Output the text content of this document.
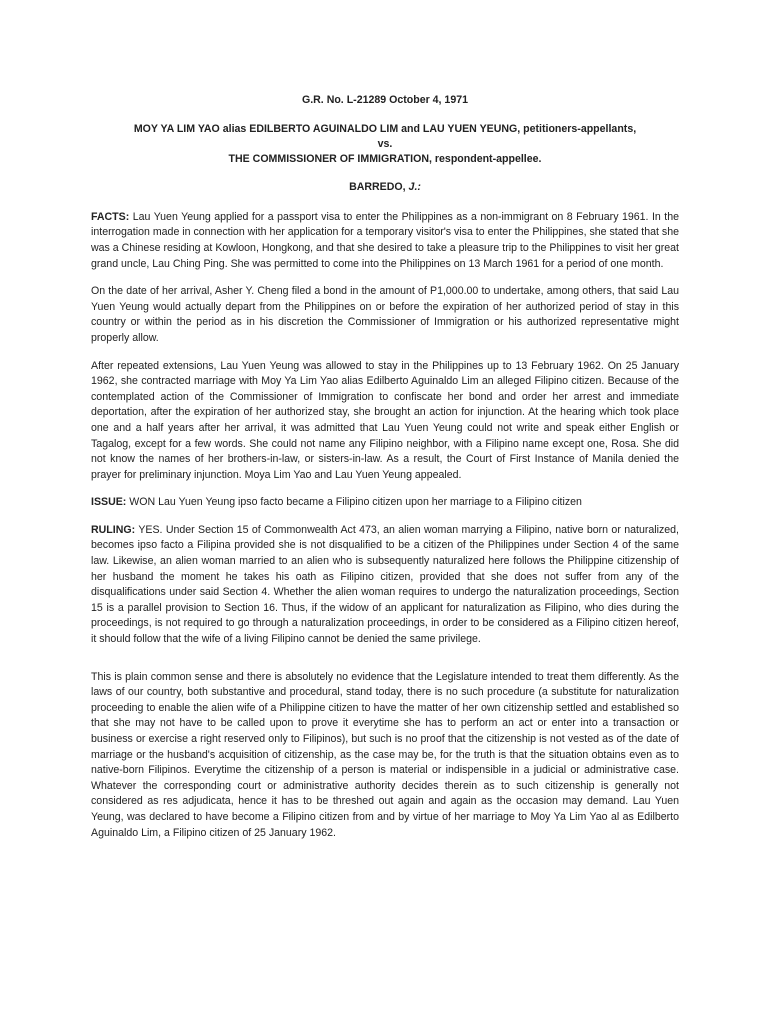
G.R. No. L-21289 October 4, 1971
MOY YA LIM YAO alias EDILBERTO AGUINALDO LIM and LAU YUEN YEUNG, petitioners-appellants,
vs.
THE COMMISSIONER OF IMMIGRATION, respondent-appellee.
BARREDO, J.:

FACTS: Lau Yuen Yeung applied for a passport visa to enter the Philippines as a non-immigrant on 8 February 1961. In the interrogation made in connection with her application for a temporary visitor's visa to enter the Philippines, she stated that she was a Chinese residing at Kowloon, Hongkong, and that she desired to take a pleasure trip to the Philippines to visit her great grand uncle, Lau Ching Ping. She was permitted to come into the Philippines on 13 March 1961 for a period of one month.

On the date of her arrival, Asher Y. Cheng filed a bond in the amount of P1,000.00 to undertake, among others, that said Lau Yuen Yeung would actually depart from the Philippines on or before the expiration of her authorized period of stay in this country or within the period as in his discretion the Commissioner of Immigration or his authorized representative might properly allow.

After repeated extensions, Lau Yuen Yeung was allowed to stay in the Philippines up to 13 February 1962. On 25 January 1962, she contracted marriage with Moy Ya Lim Yao alias Edilberto Aguinaldo Lim an alleged Filipino citizen. Because of the contemplated action of the Commissioner of Immigration to confiscate her bond and order her arrest and immediate deportation, after the expiration of her authorized stay, she brought an action for injunction. At the hearing which took place one and a half years after her arrival, it was admitted that Lau Yuen Yeung could not write and speak either English or Tagalog, except for a few words. She could not name any Filipino neighbor, with a Filipino name except one, Rosa. She did not know the names of her brothers-in-law, or sisters-in-law. As a result, the Court of First Instance of Manila denied the prayer for preliminary injunction. Moya Lim Yao and Lau Yuen Yeung appealed.

ISSUE: WON Lau Yuen Yeung ipso facto became a Filipino citizen upon her marriage to a Filipino citizen

RULING: YES. Under Section 15 of Commonwealth Act 473, an alien woman marrying a Filipino, native born or naturalized, becomes ipso facto a Filipina provided she is not disqualified to be a citizen of the Philippines under Section 4 of the same law. Likewise, an alien woman married to an alien who is subsequently naturalized here follows the Philippine citizenship of her husband the moment he takes his oath as Filipino citizen, provided that she does not suffer from any of the disqualifications under said Section 4. Whether the alien woman requires to undergo the naturalization proceedings, Section 15 is a parallel provision to Section 16. Thus, if the widow of an applicant for naturalization as Filipino, who dies during the proceedings, is not required to go through a naturalization proceedings, in order to be considered as a Filipino citizen hereof, it should follow that the wife of a living Filipino cannot be denied the same privilege.

This is plain common sense and there is absolutely no evidence that the Legislature intended to treat them differently. As the laws of our country, both substantive and procedural, stand today, there is no such procedure (a substitute for naturalization proceeding to enable the alien wife of a Philippine citizen to have the matter of her own citizenship settled and established so that she may not have to be called upon to prove it everytime she has to perform an act or enter into a transaction or business or exercise a right reserved only to Filipinos), but such is no proof that the citizenship is not vested as of the date of marriage or the husband's acquisition of citizenship, as the case may be, for the truth is that the situation obtains even as to native-born Filipinos. Everytime the citizenship of a person is material or indispensible in a judicial or administrative case. Whatever the corresponding court or administrative authority decides therein as to such citizenship is generally not considered as res adjudicata, hence it has to be threshed out again and again as the occasion may demand. Lau Yuen Yeung, was declared to have become a Filipino citizen from and by virtue of her marriage to Moy Ya Lim Yao al as Edilberto Aguinaldo Lim, a Filipino citizen of 25 January 1962.
